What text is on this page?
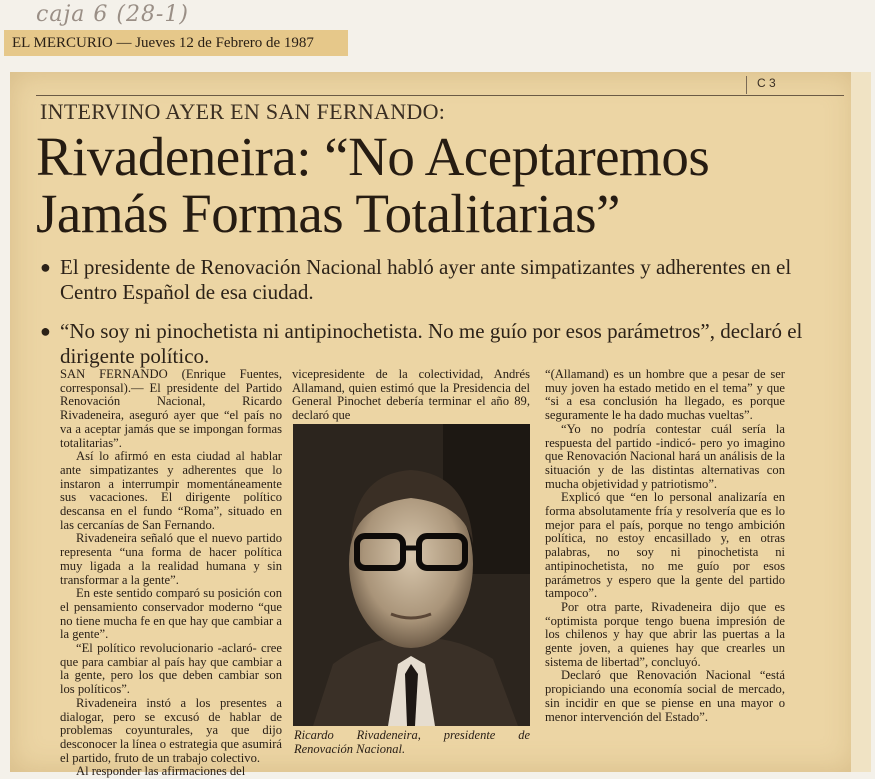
caja 6 (28-1)
EL MERCURIO — Jueves 12 de Febrero de 1987
C 3
INTERVINO AYER EN SAN FERNANDO:
Rivadeneira: “No Aceptaremos
Jamás Formas Totalitarias”
● El presidente de Renovación Nacional habló ayer ante simpatizantes y adherentes en el Centro Español de esa ciudad.
● “No soy ni pinochetista ni antipinochetista. No me guío por esos parámetros”, declaró el dirigente político.

SAN FERNANDO (Enrique Fuentes, corresponsal).— El presidente del Partido Renovación Nacional, Ricardo Rivadeneira, aseguró ayer que “el país no va a aceptar jamás que se impongan formas totalitarias”.

Así lo afirmó en esta ciudad al hablar ante simpatizantes y adherentes que lo instaron a interrumpir momentáneamente sus vacaciones. El dirigente político descansa en el fundo “Roma”, situado en las cercanías de San Fernando.

Rivadeneira señaló que el nuevo partido representa “una forma de hacer política muy ligada a la realidad humana y sin transformar a la gente”.

En este sentido comparó su posición con el pensamiento conservador moderno “que no tiene mucha fe en que hay que cambiar a la gente”.

“El político revolucionario -aclaró- cree que para cambiar al país hay que cambiar a la gente, pero los que deben cambiar son los políticos”.

Rivadeneira instó a los presentes a dialogar, pero se excusó de hablar de problemas coyunturales, ya que dijo desconocer la línea o estrategia que asumirá el partido, fruto de un trabajo colectivo.

Al responder las afirmaciones del

vicepresidente de la colectividad, Andrés Allamand, quien estimó que la Presidencia del General Pinochet debería terminar el año 89, declaró que

Ricardo Rivadeneira, presidente de Renovación Nacional.

“(Allamand) es un hombre que a pesar de ser muy joven ha estado metido en el tema” y que “si a esa conclusión ha llegado, es porque seguramente le ha dado muchas vueltas”.

“Yo no podría contestar cuál sería la respuesta del partido -indicó- pero yo imagino que Renovación Nacional hará un análisis de la situación y de las distintas alternativas con mucha objetividad y patriotismo”.

Explicó que “en lo personal analizaría en forma absolutamente fría y resolvería que es lo mejor para el país, porque no tengo ambición política, no estoy encasillado y, en otras palabras, no soy ni pinochetista ni antipinochetista, no me guío por esos parámetros y espero que la gente del partido tampoco”.

Por otra parte, Rivadeneira dijo que es “optimista porque tengo buena impresión de los chilenos y hay que abrir las puertas a la gente joven, a quienes hay que crearles un sistema de libertad”, concluyó.

Declaró que Renovación Nacional “está propiciando una economía social de mercado, sin incidir en que se piense en una mayor o menor intervención del Estado”.
